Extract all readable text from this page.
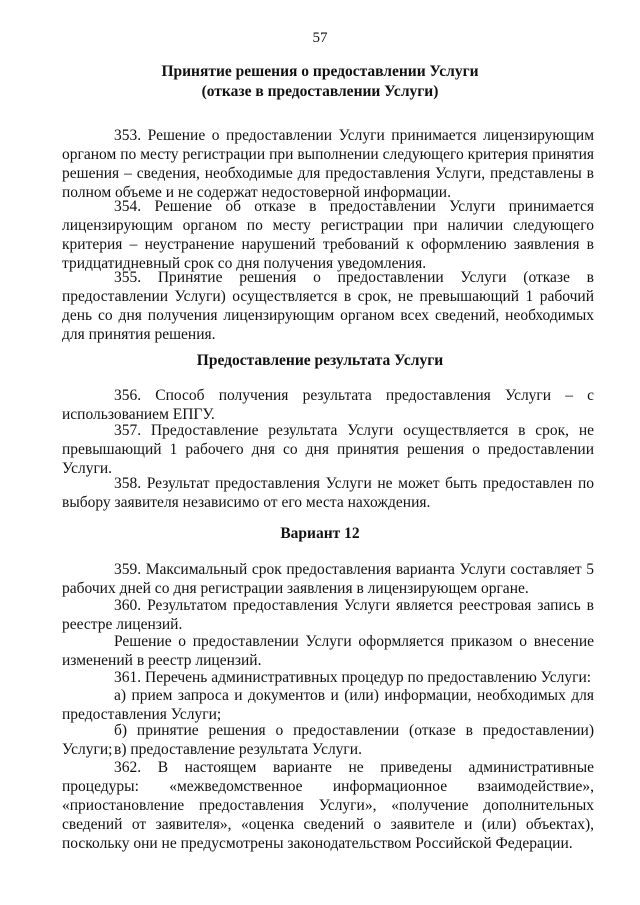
57
Принятие решения о предоставлении Услуги
(отказе в предоставлении Услуги)
353. Решение о предоставлении Услуги принимается лицензирующим органом по месту регистрации при выполнении следующего критерия принятия решения – сведения, необходимые для предоставления Услуги, представлены в полном объеме и не содержат недостоверной информации.
354. Решение об отказе в предоставлении Услуги принимается лицензирующим органом по месту регистрации при наличии следующего критерия – неустранение нарушений требований к оформлению заявления в тридцатидневный срок со дня получения уведомления.
355. Принятие решения о предоставлении Услуги (отказе в предоставлении Услуги) осуществляется в срок, не превышающий 1 рабочий день со дня получения лицензирующим органом всех сведений, необходимых для принятия решения.
Предоставление результата Услуги
356. Способ получения результата предоставления Услуги – с использованием ЕПГУ.
357. Предоставление результата Услуги осуществляется в срок, не превышающий 1 рабочего дня со дня принятия решения о предоставлении Услуги.
358. Результат предоставления Услуги не может быть предоставлен по выбору заявителя независимо от его места нахождения.
Вариант 12
359. Максимальный срок предоставления варианта Услуги составляет 5 рабочих дней со дня регистрации заявления в лицензирующем органе.
360. Результатом предоставления Услуги является реестровая запись в реестре лицензий.
Решение о предоставлении Услуги оформляется приказом о внесение изменений в реестр лицензий.
361. Перечень административных процедур по предоставлению Услуги:
а) прием запроса и документов и (или) информации, необходимых для предоставления Услуги;
б) принятие решения о предоставлении (отказе в предоставлении) Услуги; в) предоставление результата Услуги.
362. В настоящем варианте не приведены административные процедуры: «межведомственное информационное взаимодействие», «приостановление предоставления Услуги», «получение дополнительных сведений от заявителя», «оценка сведений о заявителе и (или) объектах), поскольку они не предусмотрены законодательством Российской Федерации.
